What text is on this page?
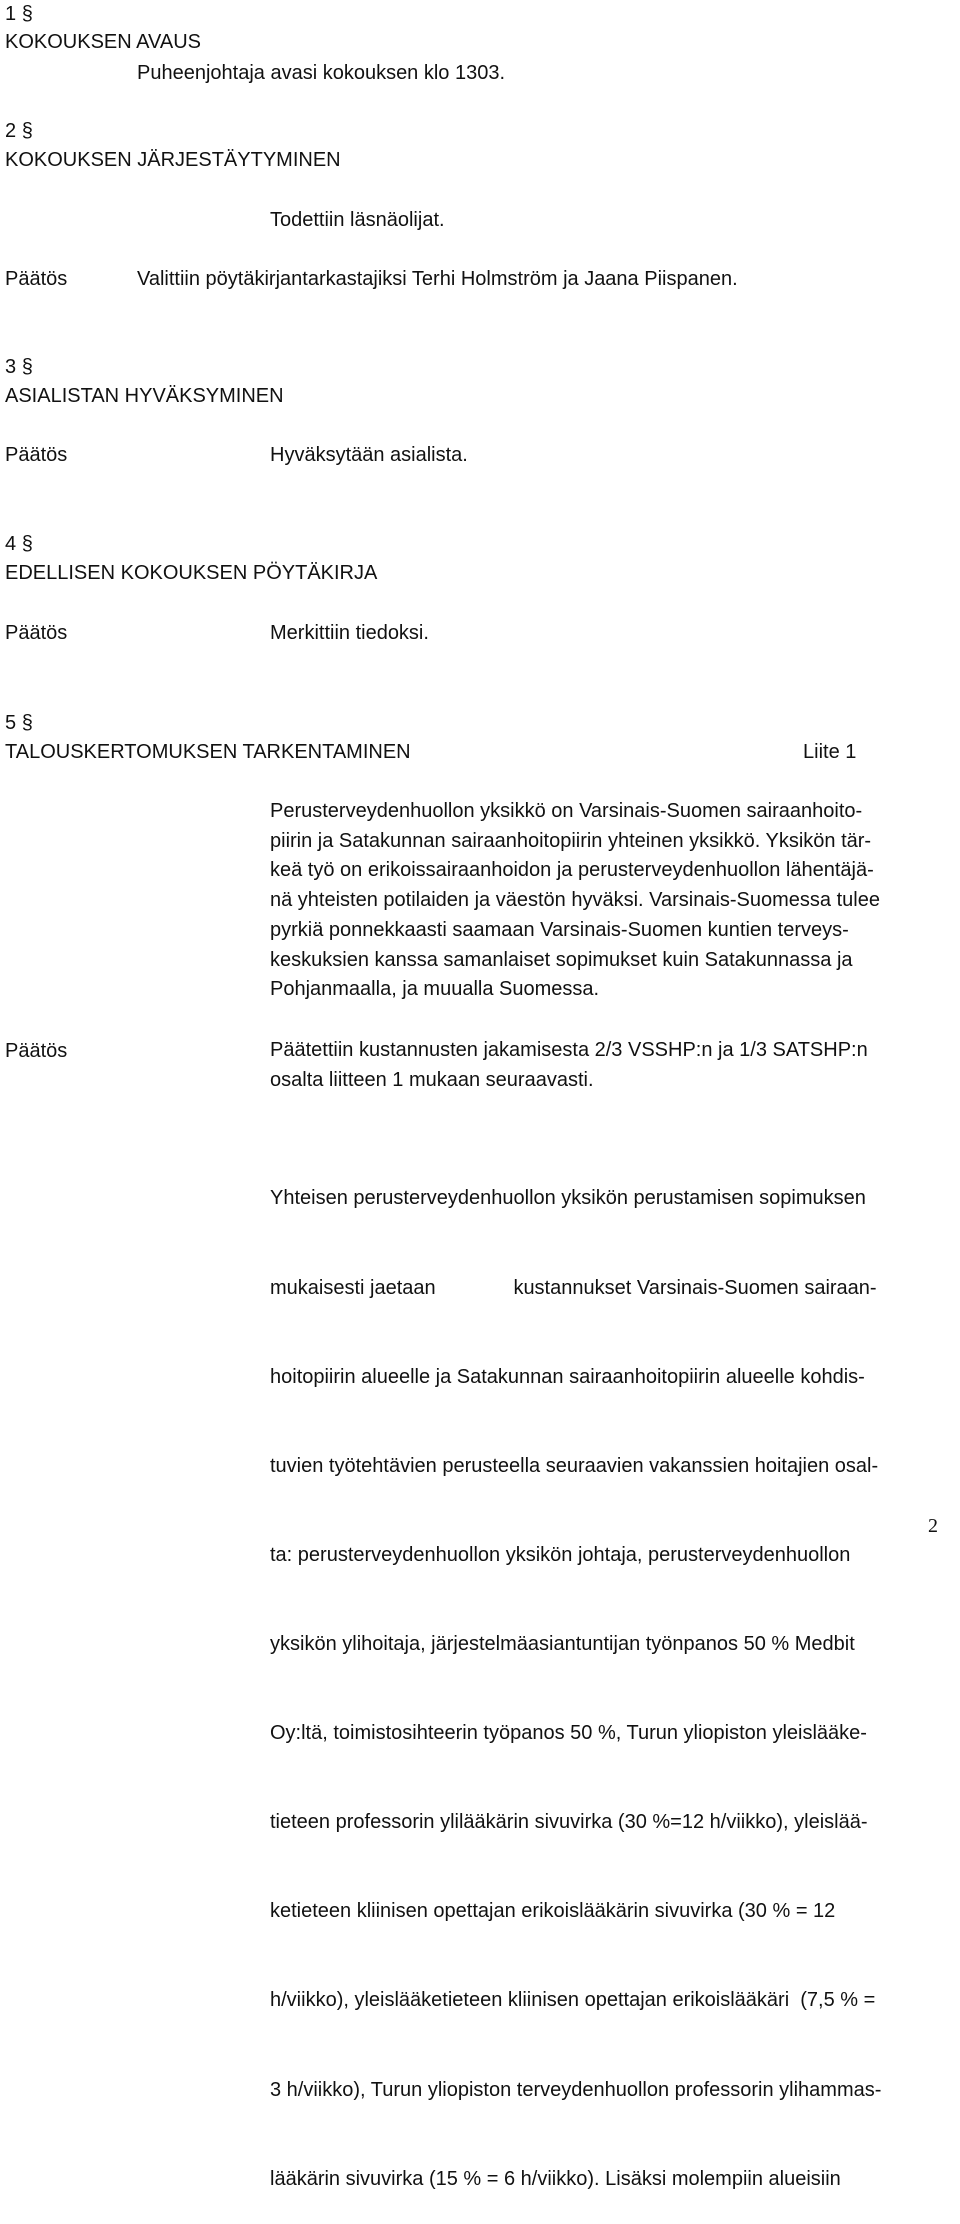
1 §
KOKOUKSEN AVAUS
Puheenjohtaja avasi kokouksen klo 1303.
2 §
KOKOUKSEN JÄRJESTÄYTYMINEN
Todettiin läsnäolijat.
Päätös	Valittiin pöytäkirjantarkastajiksi Terhi Holmström ja Jaana Piispanen.
3 §
ASIALISTAN HYVÄKSYMINEN
Päätös	Hyväksytään asialista.
4 §
EDELLISEN KOKOUKSEN PÖYTÄKIRJA
Päätös	Merkittiin tiedoksi.
5 §
TALOUSKERTOMUKSEN TARKENTAMINEN	Liite 1
Perusterveydenhuollon yksikkö on Varsinais-Suomen sairaanhoito-
piirin ja Satakunnan sairaanhoitopiirin yhteinen yksikkö. Yksikön tär-
keä työ on erikoissairaanhoidon ja perusterveydenhuollon lähentäjä-
nä yhteisten potilaiden ja väestön hyväksi. Varsinais-Suomessa tulee
pyrkiä ponnekkaasti saamaan Varsinais-Suomen kuntien terveys-
keskuksien kanssa samanlaiset sopimukset kuin Satakunnassa ja
Pohjanmaalla, ja muualla Suomessa.
Päätös	Päätettiin kustannusten jakamisesta 2/3 VSSHP:n ja 1/3 SATSHP:n
osalta liitteen 1 mukaan seuraavasti.

Yhteisen perusterveydenhuollon yksikön perustamisen sopimuksen

mukaisesti jaetaan              kustannukset Varsinais-Suomen sairaan-

hoitopiirin alueelle ja Satakunnan sairaanhoitopiirin alueelle kohdis-

tuvien työtehtävien perusteella seuraavien vakanssien hoitajien osal-

ta: perusterveydenhuollon yksikön johtaja, perusterveydenhuollon

yksikön ylihoitaja, järjestelmäasiantuntijan työnpanos 50 % Medbit

Oy:ltä, toimistosihteerin työpanos 50 %, Turun yliopiston yleislääke-

tieteen professorin ylilääkärin sivuvirka (30 %=12 h/viikko), yleislää-

ketieteen kliinisen opettajan erikoislääkärin sivuvirka (30 % = 12

h/viikko), yleislääketieteen kliinisen opettajan erikoislääkäri  (7,5 % =

3 h/viikko), Turun yliopiston terveydenhuollon professorin ylihammas-

lääkärin sivuvirka (15 % = 6 h/viikko). Lisäksi molempiin alueisiin

2
